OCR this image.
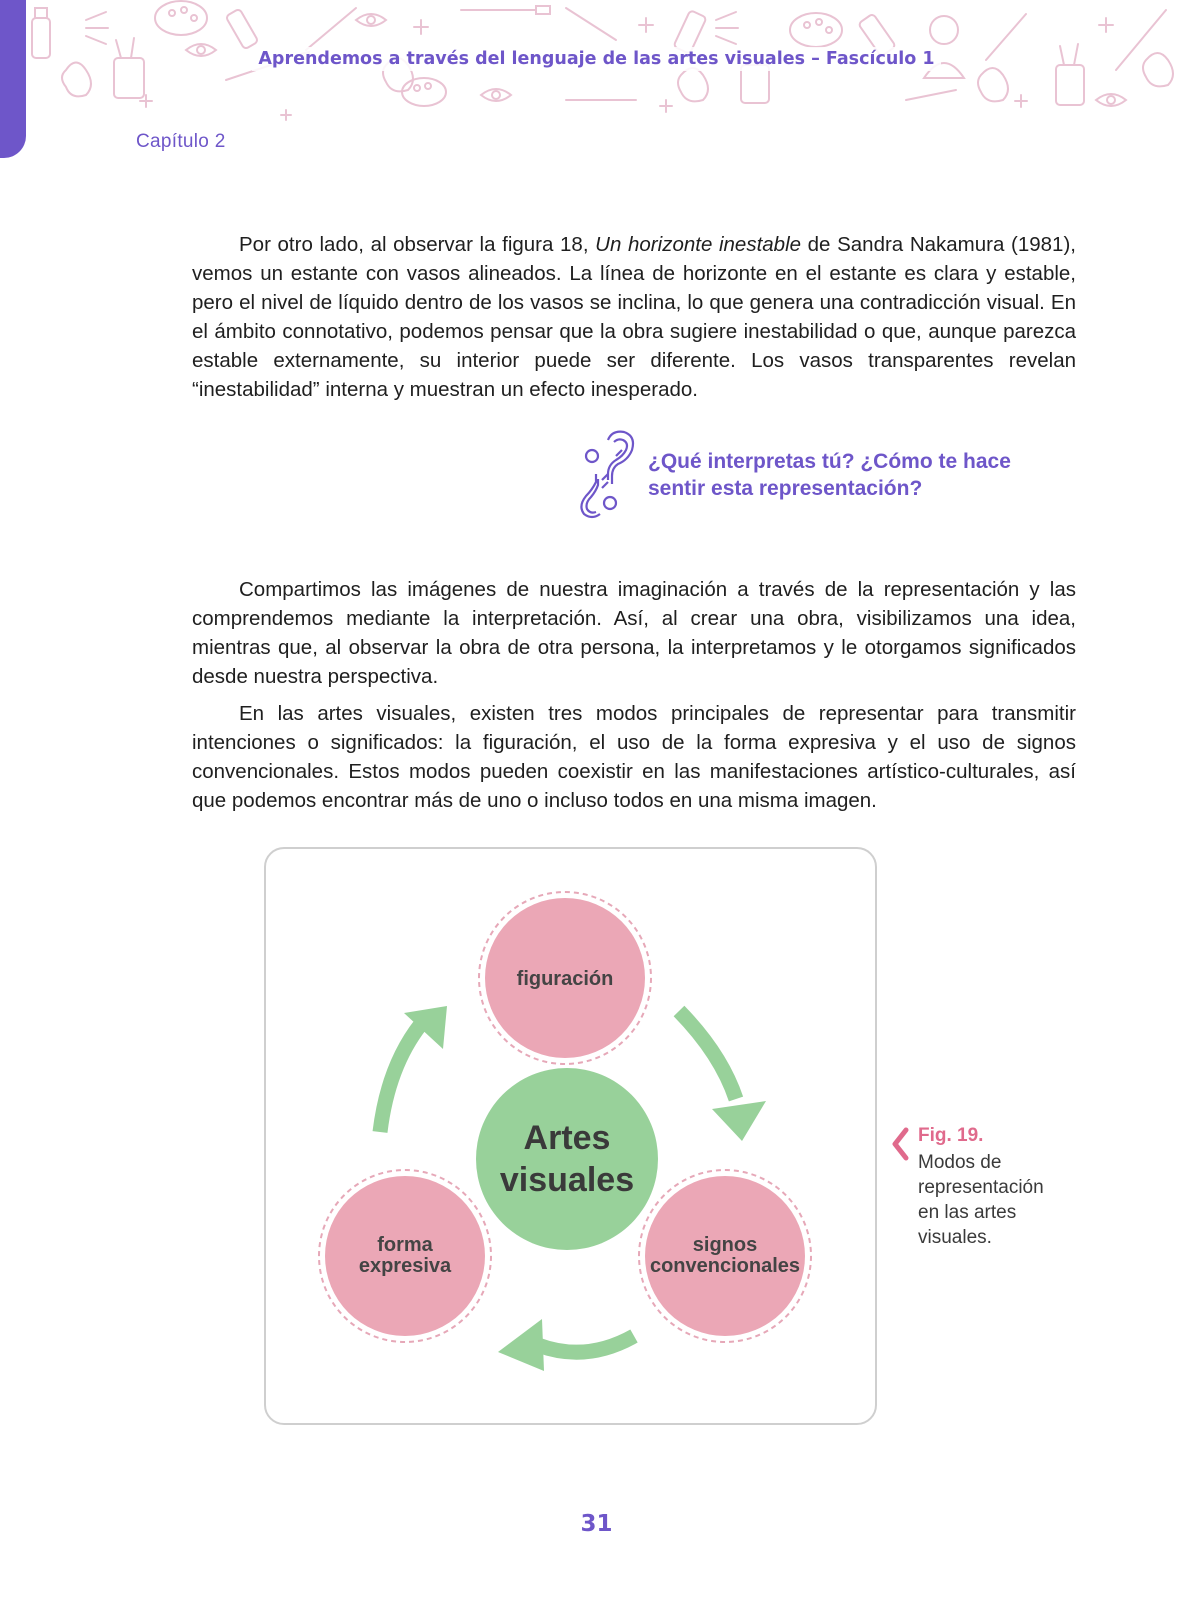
Aprendemos a través del lenguaje de las artes visuales – Fascículo 1
Capítulo 2

Por otro lado, al observar la figura 18, Un horizonte inestable de Sandra Nakamura (1981), vemos un estante con vasos alineados. La línea de horizonte en el estante es clara y estable, pero el nivel de líquido dentro de los vasos se inclina, lo que genera una contradicción visual. En el ámbito connotativo, podemos pensar que la obra sugiere inestabilidad o que, aunque parezca estable externamente, su interior puede ser diferente. Los vasos transparentes revelan “inestabilidad” interna y muestran un efecto inesperado.

¿Qué interpretas tú? ¿Cómo te hace
sentir esta representación?

Compartimos las imágenes de nuestra imaginación a través de la representación y las comprendemos mediante la interpretación. Así, al crear una obra, visibilizamos una idea, mientras que, al observar la obra de otra persona, la interpretamos y le otorgamos significados desde nuestra perspectiva.

En las artes visuales, existen tres modos principales de representar para transmitir intenciones o significados: la figuración, el uso de la forma expresiva y el uso de signos convencionales. Estos modos pueden coexistir en las manifestaciones artístico-culturales, así que podemos encontrar más de uno o incluso todos en una misma imagen.

figuración
forma
expresiva
signos
convencionales
Artes
visuales
Fig. 19.
Modos de representación en las artes visuales.
31
